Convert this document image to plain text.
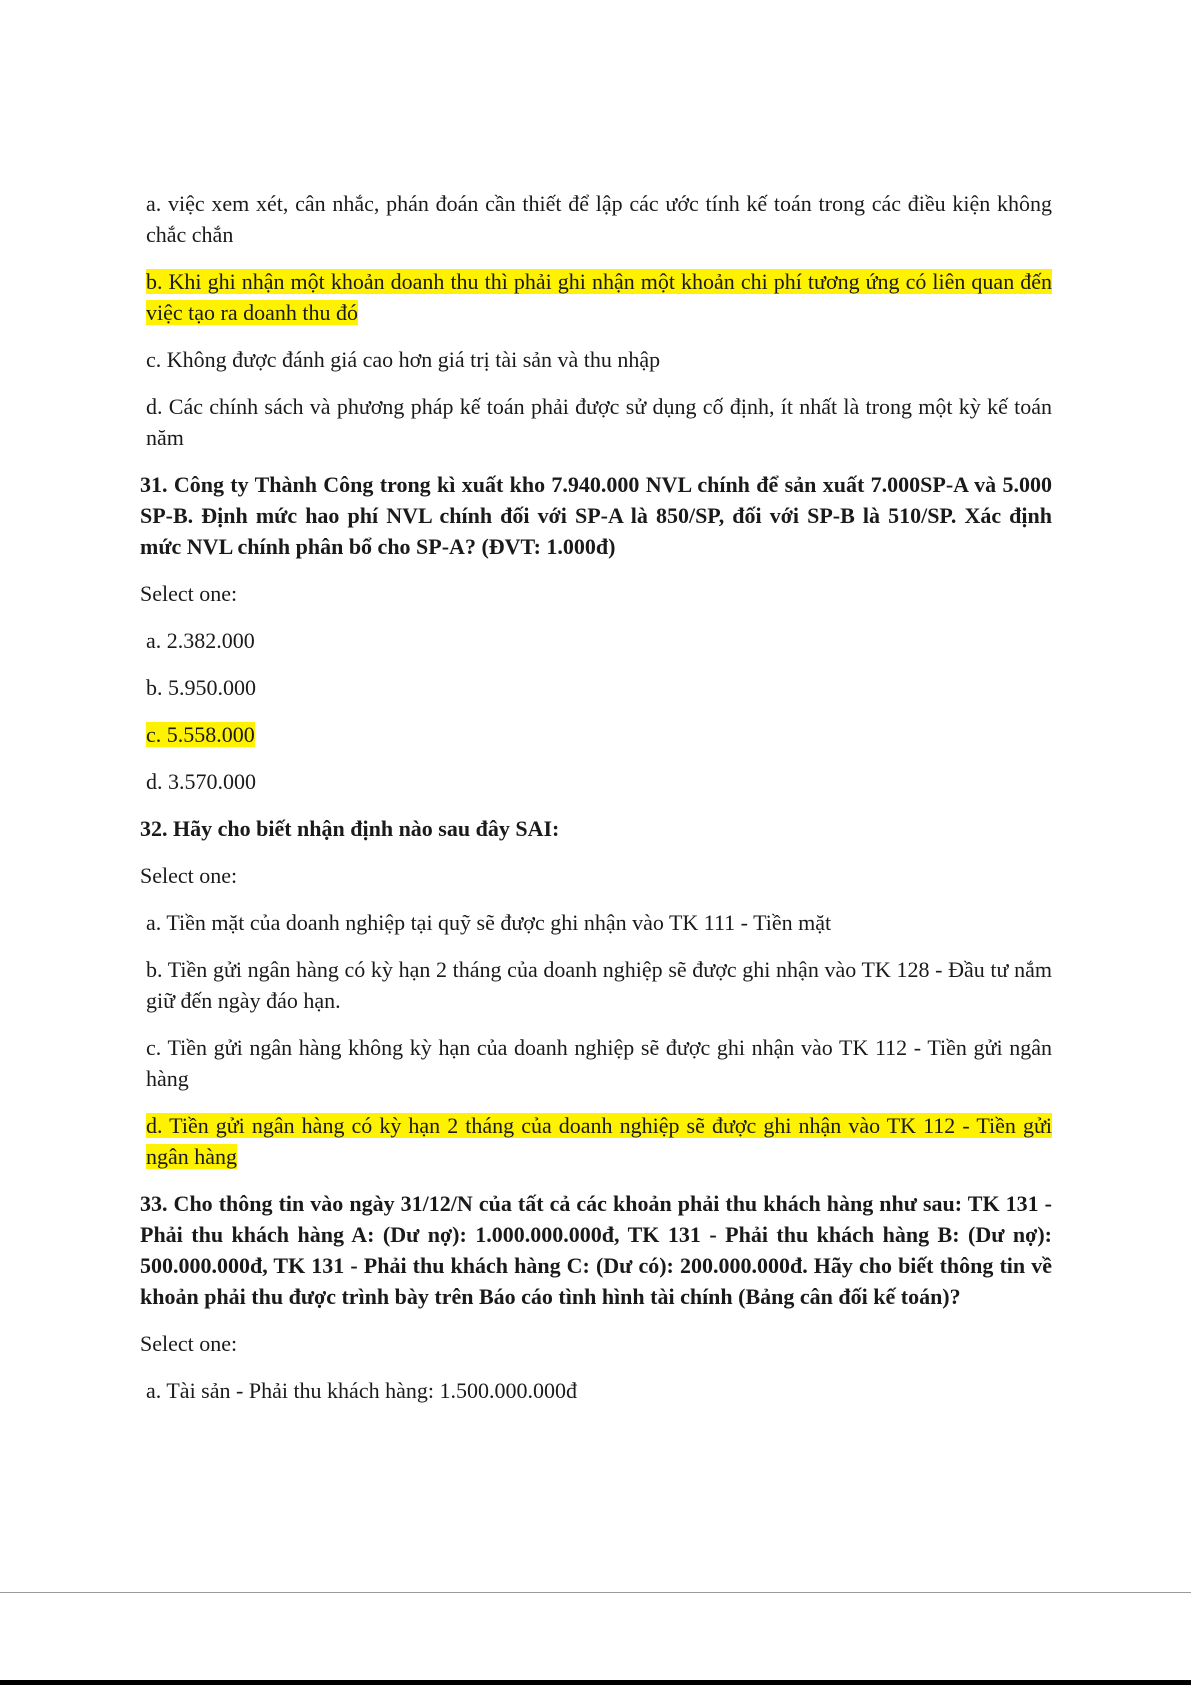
a. việc xem xét, cân nhắc, phán đoán cần thiết để lập các ước tính kế toán trong các điều kiện không chắc chắn

b. Khi ghi nhận một khoản doanh thu thì phải ghi nhận một khoản chi phí tương ứng có liên quan đến việc tạo ra doanh thu đó

c. Không được đánh giá cao hơn giá trị tài sản và thu nhập

d. Các chính sách và phương pháp kế toán phải được sử dụng cố định, ít nhất là trong một kỳ kế toán năm

31. Công ty Thành Công trong kì xuất kho 7.940.000 NVL chính để sản xuất 7.000SP-A và 5.000 SP-B. Định mức hao phí NVL chính đối với SP-A là 850/SP, đối với SP-B là 510/SP. Xác định mức NVL chính phân bổ cho SP-A? (ĐVT: 1.000đ)

Select one:

a. 2.382.000

b. 5.950.000

c. 5.558.000

d. 3.570.000

32. Hãy cho biết nhận định nào sau đây SAI:

Select one:

a. Tiền mặt của doanh nghiệp tại quỹ sẽ được ghi nhận vào TK 111 - Tiền mặt

b. Tiền gửi ngân hàng có kỳ hạn 2 tháng của doanh nghiệp sẽ được ghi nhận vào TK 128 - Đầu tư nắm giữ đến ngày đáo hạn.

c. Tiền gửi ngân hàng không kỳ hạn của doanh nghiệp sẽ được ghi nhận vào TK 112 - Tiền gửi ngân hàng

d. Tiền gửi ngân hàng có kỳ hạn 2 tháng của doanh nghiệp sẽ được ghi nhận vào TK 112 - Tiền gửi ngân hàng

33. Cho thông tin vào ngày 31/12/N của tất cả các khoản phải thu khách hàng như sau: TK 131 - Phải thu khách hàng A: (Dư nợ): 1.000.000.000đ, TK 131 - Phải thu khách hàng B: (Dư nợ): 500.000.000đ, TK 131 - Phải thu khách hàng C: (Dư có): 200.000.000đ. Hãy cho biết thông tin về khoản phải thu được trình bày trên Báo cáo tình hình tài chính (Bảng cân đối kế toán)?

Select one:

a. Tài sản - Phải thu khách hàng: 1.500.000.000đ
